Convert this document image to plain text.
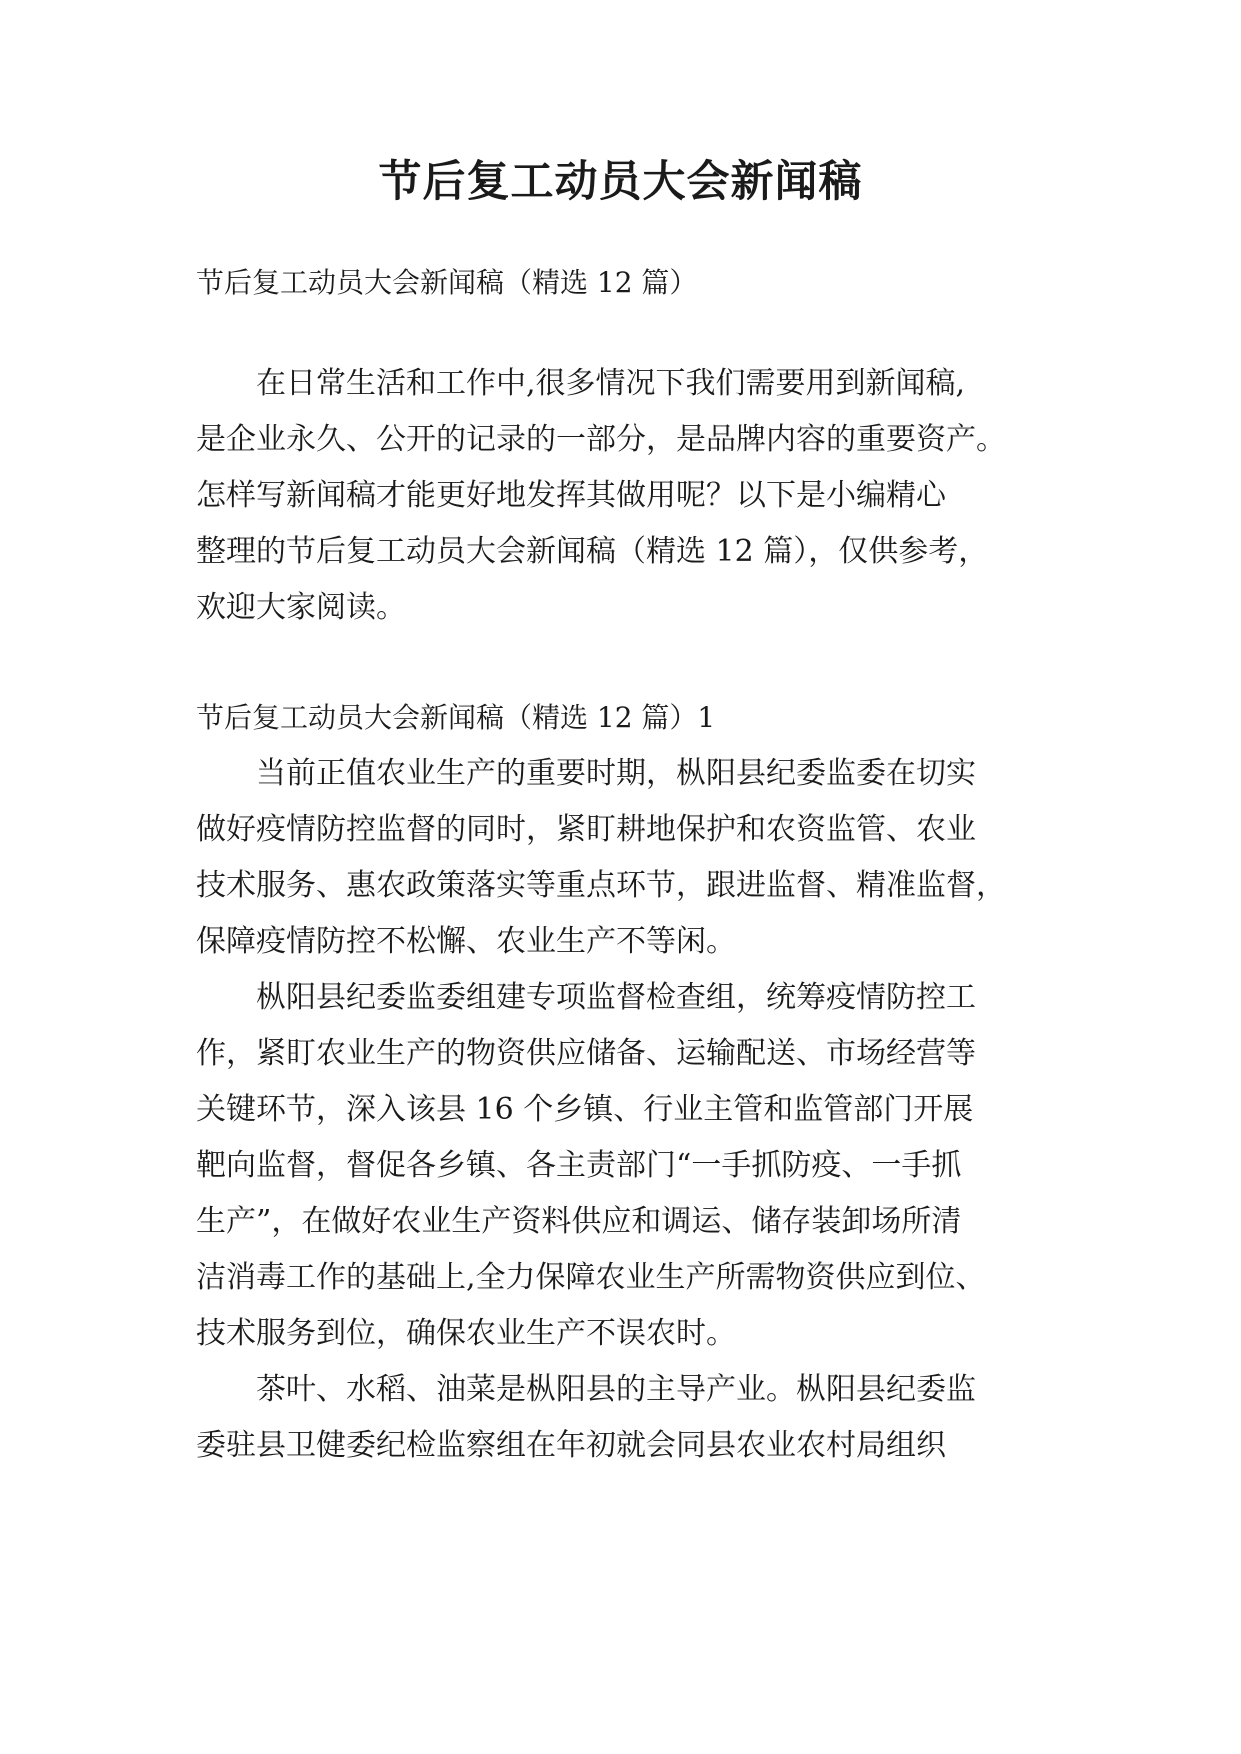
节后复工动员大会新闻稿

节后复工动员大会新闻稿（精选 12 篇）

在日常生活和工作中,很多情况下我们需要用到新闻稿,

是企业永久、公开的记录的一部分，是品牌内容的重要资产。

怎样写新闻稿才能更好地发挥其做用呢？以下是小编精心

整理的节后复工动员大会新闻稿（精选 12 篇），仅供参考，

欢迎大家阅读。

节后复工动员大会新闻稿（精选 12 篇）1

当前正值农业生产的重要时期，枞阳县纪委监委在切实

做好疫情防控监督的同时，紧盯耕地保护和农资监管、农业

技术服务、惠农政策落实等重点环节，跟进监督、精准监督，

保障疫情防控不松懈、农业生产不等闲。

枞阳县纪委监委组建专项监督检查组，统筹疫情防控工

作，紧盯农业生产的物资供应储备、运输配送、市场经营等

关键环节，深入该县 16 个乡镇、行业主管和监管部门开展

靶向监督，督促各乡镇、各主责部门“一手抓防疫、一手抓

生产”，在做好农业生产资料供应和调运、储存装卸场所清

洁消毒工作的基础上,全力保障农业生产所需物资供应到位、

技术服务到位，确保农业生产不误农时。

茶叶、水稻、油菜是枞阳县的主导产业。枞阳县纪委监

委驻县卫健委纪检监察组在年初就会同县农业农村局组织
